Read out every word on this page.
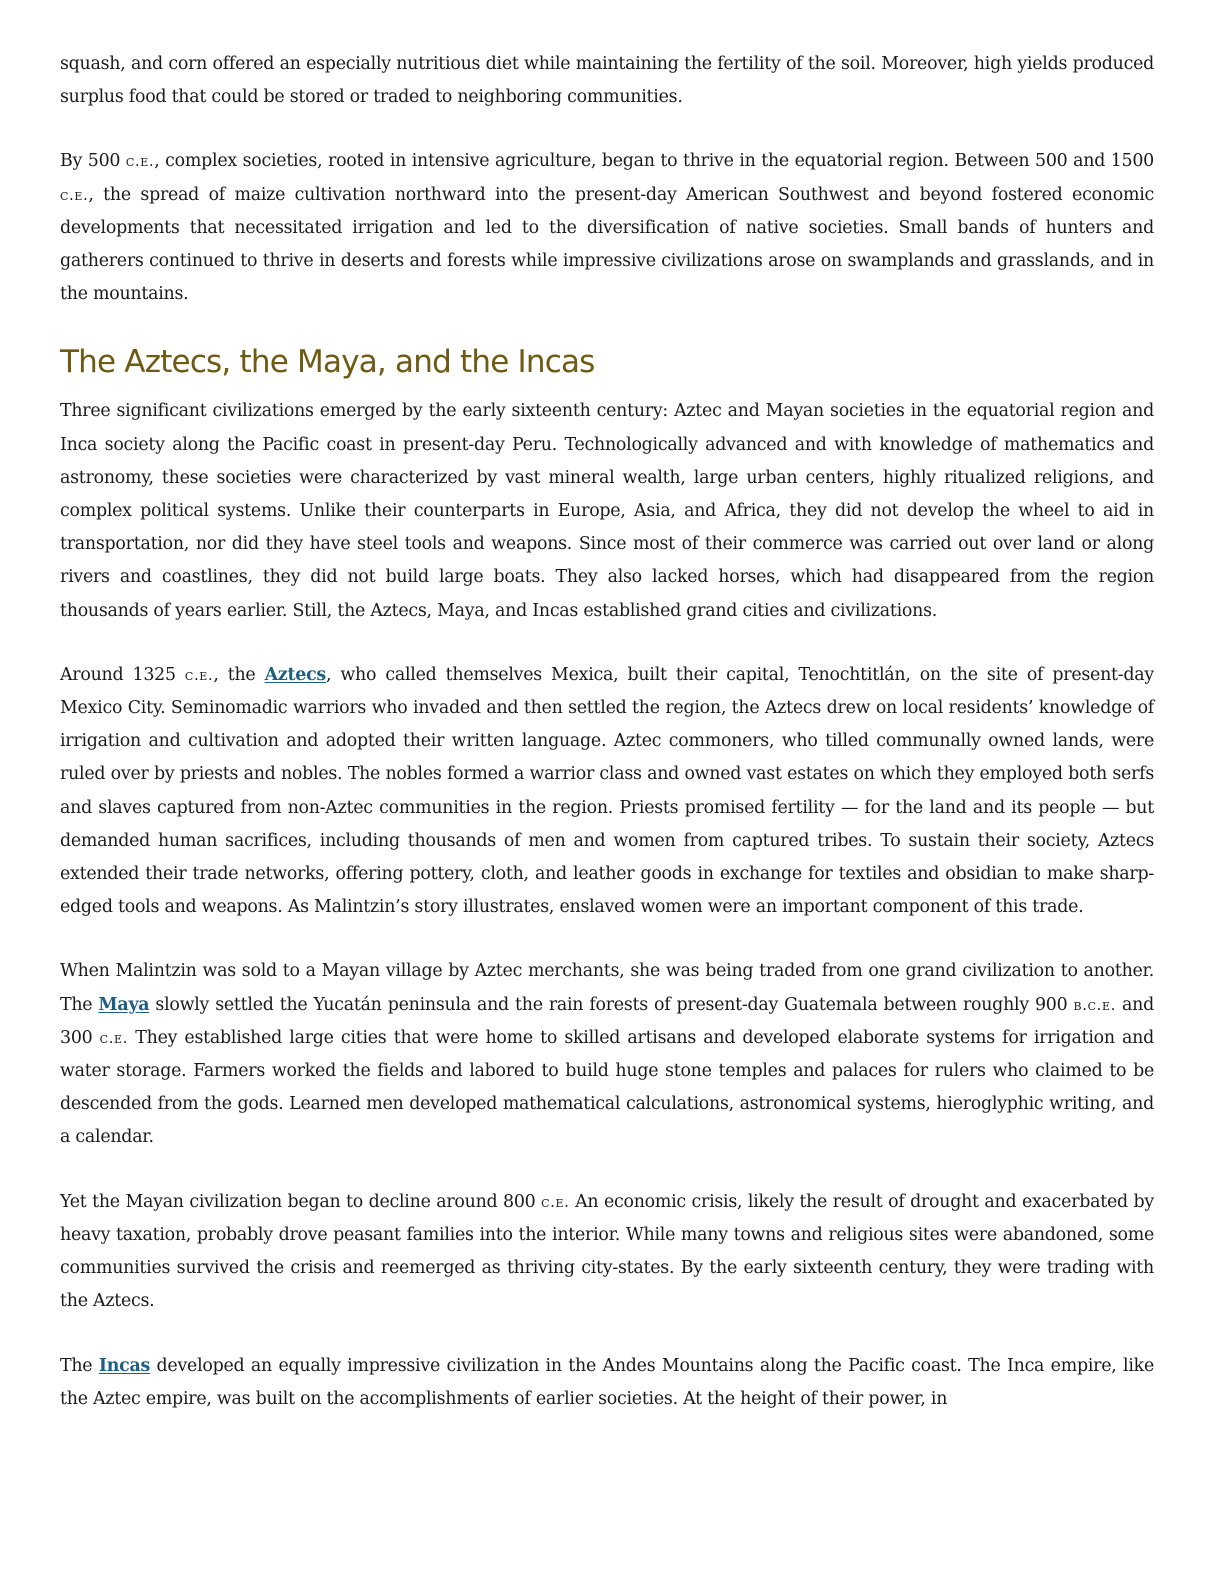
squash, and corn offered an especially nutritious diet while maintaining the fertility of the soil. Moreover, high yields produced surplus food that could be stored or traded to neighboring communities.

By 500 c.e., complex societies, rooted in intensive agriculture, began to thrive in the equatorial region. Between 500 and 1500 c.e., the spread of maize cultivation northward into the present-day American Southwest and beyond fostered economic developments that necessitated irrigation and led to the diversification of native societies. Small bands of hunters and gatherers continued to thrive in deserts and forests while impressive civilizations arose on swamplands and grasslands, and in the mountains.

The Aztecs, the Maya, and the Incas

Three significant civilizations emerged by the early sixteenth century: Aztec and Mayan societies in the equatorial region and Inca society along the Pacific coast in present-day Peru. Technologically advanced and with knowledge of mathematics and astronomy, these societies were characterized by vast mineral wealth, large urban centers, highly ritualized religions, and complex political systems. Unlike their counterparts in Europe, Asia, and Africa, they did not develop the wheel to aid in transportation, nor did they have steel tools and weapons. Since most of their commerce was carried out over land or along rivers and coastlines, they did not build large boats. They also lacked horses, which had disappeared from the region thousands of years earlier. Still, the Aztecs, Maya, and Incas established grand cities and civilizations.

Around 1325 c.e., the Aztecs, who called themselves Mexica, built their capital, Tenochtitlán, on the site of present-day Mexico City. Seminomadic warriors who invaded and then settled the region, the Aztecs drew on local residents’ knowledge of irrigation and cultivation and adopted their written language. Aztec commoners, who tilled communally owned lands, were ruled over by priests and nobles. The nobles formed a warrior class and owned vast estates on which they employed both serfs and slaves captured from non-Aztec communities in the region. Priests promised fertility — for the land and its people — but demanded human sacrifices, including thousands of men and women from captured tribes. To sustain their society, Aztecs extended their trade networks, offering pottery, cloth, and leather goods in exchange for textiles and obsidian to make sharp-edged tools and weapons. As Malintzin’s story illustrates, enslaved women were an important component of this trade.

When Malintzin was sold to a Mayan village by Aztec merchants, she was being traded from one grand civilization to another. The Maya slowly settled the Yucatán peninsula and the rain forests of present-day Guatemala between roughly 900 b.c.e. and 300 c.e. They established large cities that were home to skilled artisans and developed elaborate systems for irrigation and water storage. Farmers worked the fields and labored to build huge stone temples and palaces for rulers who claimed to be descended from the gods. Learned men developed mathematical calculations, astronomical systems, hieroglyphic writing, and a calendar.

Yet the Mayan civilization began to decline around 800 c.e. An economic crisis, likely the result of drought and exacerbated by heavy taxation, probably drove peasant families into the interior. While many towns and religious sites were abandoned, some communities survived the crisis and reemerged as thriving city-states. By the early sixteenth century, they were trading with the Aztecs.

The Incas developed an equally impressive civilization in the Andes Mountains along the Pacific coast. The Inca empire, like the Aztec empire, was built on the accomplishments of earlier societies. At the height of their power, in
